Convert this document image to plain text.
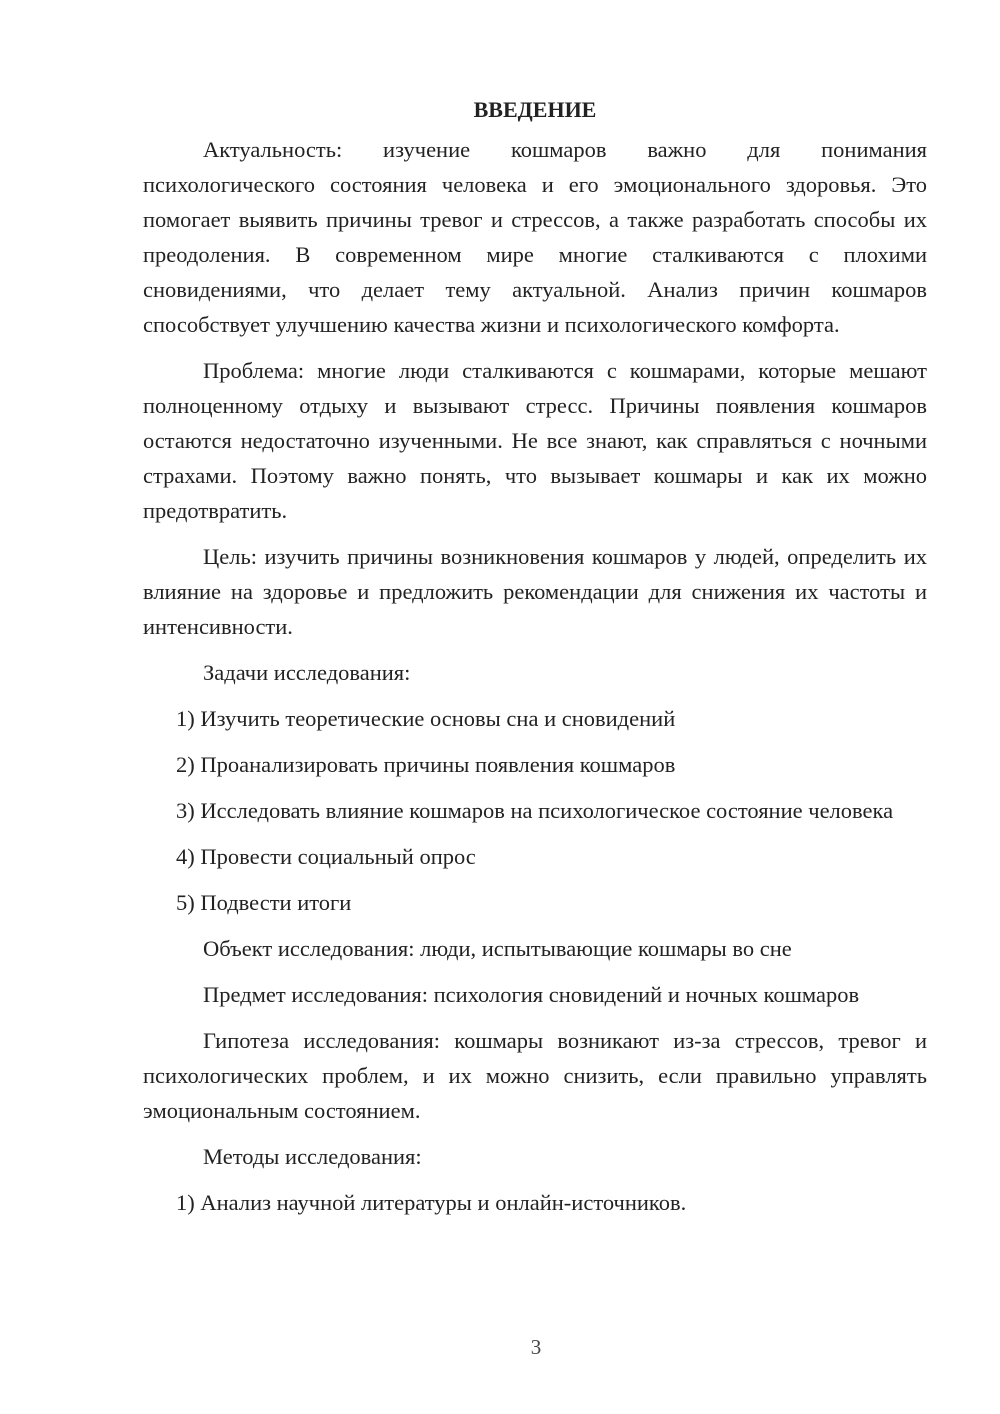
ВВЕДЕНИЕ

Актуальность: изучение кошмаров важно для понимания психологического состояния человека и его эмоционального здоровья. Это помогает выявить причины тревог и стрессов, а также разработать способы их преодоления. В современном мире многие сталкиваются с плохими сновидениями, что делает тему актуальной. Анализ причин кошмаров способствует улучшению качества жизни и психологического комфорта.

Проблема: многие люди сталкиваются с кошмарами, которые мешают полноценному отдыху и вызывают стресс. Причины появления кошмаров остаются недостаточно изученными. Не все знают, как справляться с ночными страхами. Поэтому важно понять, что вызывает кошмары и как их можно предотвратить.

Цель: изучить причины возникновения кошмаров у людей, определить их влияние на здоровье и предложить рекомендации для снижения их частоты и интенсивности.

Задачи исследования:

1) Изучить теоретические основы сна и сновидений

2) Проанализировать причины появления кошмаров

3) Исследовать влияние кошмаров на психологическое состояние человека

4) Провести социальный опрос

5) Подвести итоги

Объект исследования: люди, испытывающие кошмары во сне

Предмет исследования: психология сновидений и ночных кошмаров

Гипотеза исследования: кошмары возникают из-за стрессов, тревог и психологических проблем, и их можно снизить, если правильно управлять эмоциональным состоянием.

Методы исследования:

1) Анализ научной литературы и онлайн-источников.

3
